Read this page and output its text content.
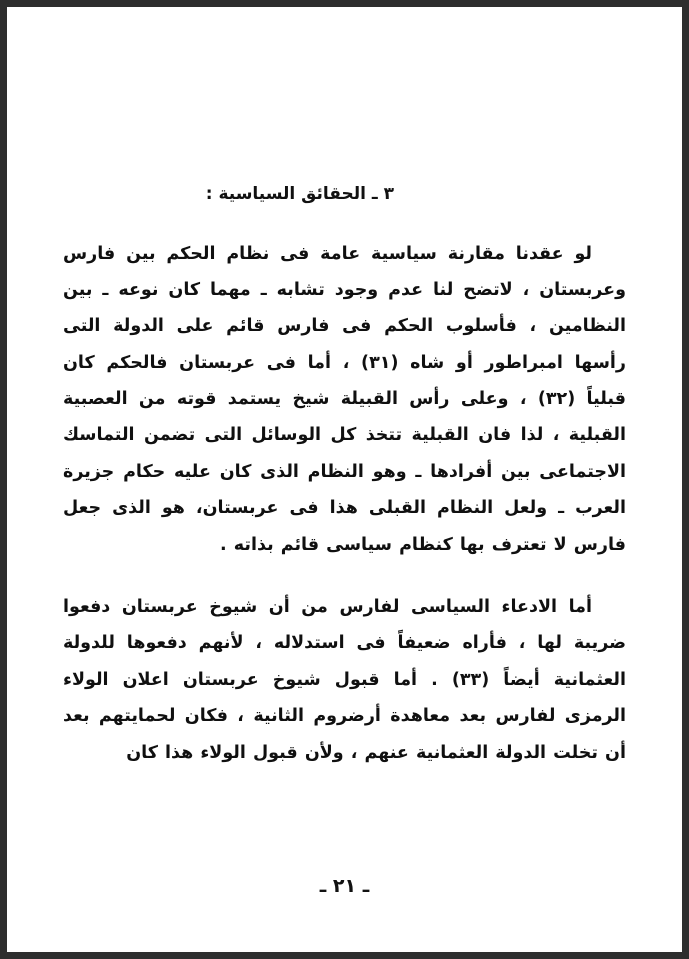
٣ ـ الحقائق السياسية :

لو عقدنا مقارنة سياسية عامة فى نظام الحكم بين فارس وعربستان ، لاتضح لنا عدم وجود تشابه ـ مهما كان نوعه ـ بين النظامين ، فأسلوب الحكم فى فارس قائم على الدولة التى رأسها امبراطور أو شاه (٣١) ، أما فى عربستان فالحكم كان قبلياً (٣٢) ، وعلى رأس القبيلة شيخ يستمد قوته من العصبية القبلية ، لذا فان القبلية تتخذ كل الوسائل التى تضمن التماسك الاجتماعى بين أفرادها ـ وهو النظام الذى كان عليه حكام جزيرة العرب ـ ولعل النظام القبلى هذا فى عربستان، هو الذى جعل فارس لا تعترف بها كنظام سياسى قائم بذاته .

أما الادعاء السياسى لفارس من أن شيوخ عربستان دفعوا ضريبة لها ، فأراه ضعيفاً فى استدلاله ، لأنهم دفعوها للدولة العثمانية أيضاً (٣٣) . أما قبول شيوخ عربستان اعلان الولاء الرمزى لفارس بعد معاهدة أرضروم الثانية ، فكان لحمايتهم بعد أن تخلت الدولة العثمانية عنهم ، ولأن قبول الولاء هذا كان

ـ ٢١ ـ
